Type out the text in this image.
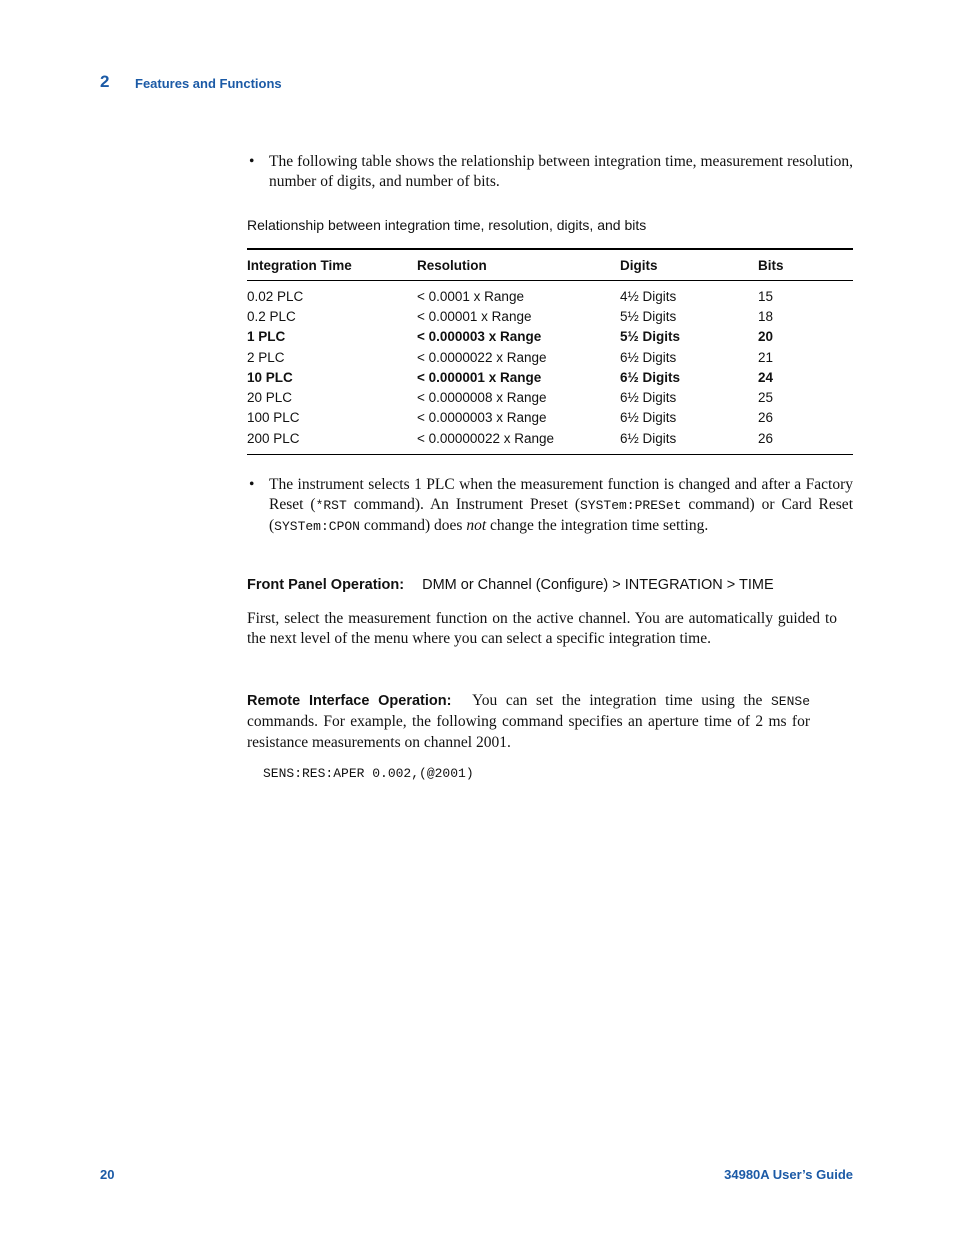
2 Features and Functions
• The following table shows the relationship between integration time, measurement resolution, number of digits, and number of bits.
Relationship between integration time, resolution, digits, and bits
Integration Time	Resolution	Digits	Bits
0.02 PLC	< 0.0001 x Range	4½ Digits	15
0.2 PLC	< 0.00001 x Range	5½ Digits	18
1 PLC	< 0.000003 x Range	5½ Digits	20
2 PLC	< 0.0000022 x Range	6½ Digits	21
10 PLC	< 0.000001 x Range	6½ Digits	24
20 PLC	< 0.0000008 x Range	6½ Digits	25
100 PLC	< 0.0000003 x Range	6½ Digits	26
200 PLC	< 0.00000022 x Range	6½ Digits	26
• The instrument selects 1 PLC when the measurement function is changed and after a Factory Reset (*RST command). An Instrument Preset (SYSTem:PRESet command) or Card Reset (SYSTem:CPON command) does not change the integration time setting.
Front Panel Operation: DMM or Channel (Configure) > INTEGRATION > TIME
First, select the measurement function on the active channel. You are automatically guided to the next level of the menu where you can select a specific integration time.
Remote Interface Operation: You can set the integration time using the SENSe commands. For example, the following command specifies an aperture time of 2 ms for resistance measurements on channel 2001.
SENS:RES:APER 0.002,(@2001)
20	34980A User’s Guide
